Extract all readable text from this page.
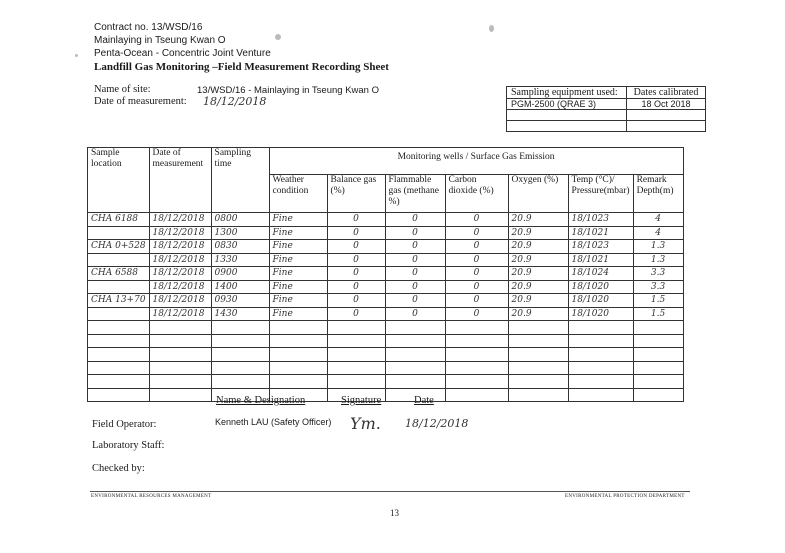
Contract no. 13/WSD/16
Mainlaying in Tseung Kwan O
Penta-Ocean - Concentric Joint Venture
Landfill Gas Monitoring –Field Measurement Recording Sheet
Name of site:	13/WSD/16 - Mainlaying in Tseung Kwan O
Date of measurement: 18/12/2018
Sampling equipment used:	Dates calibrated
PGM-2500 (QRAE 3)	18 Oct 2018

Sample location	Date of measurement	Sampling time	Monitoring wells / Surface Gas Emission						
			Weather condition	Balance gas (%)	Flammable gas (methane %)	Carbon dioxide (%)	Oxygen (%)	Temp (°C)/ Pressure(mbar)	Remark Depth(m)
CHA 6188	18/12/2018	0800	Fine	0	0	0	20.9	18/1023	4
	18/12/2018	1300	Fine	0	0	0	20.9	18/1021	4
CHA 0+528	18/12/2018	0830	Fine	0	0	0	20.9	18/1023	1.3
	18/12/2018	1330	Fine	0	0	0	20.9	18/1021	1.3
CHA 6588	18/12/2018	0900	Fine	0	0	0	20.9	18/1024	3.3
	18/12/2018	1400	Fine	0	0	0	20.9	18/1020	3.3
CHA 13+70	18/12/2018	0930	Fine	0	0	0	20.9	18/1020	1.5
	18/12/2018	1430	Fine	0	0	0	20.9	18/1020	1.5

Name & Designation	Signature	Date
Field Operator:	Kenneth LAU (Safety Officer) Ym. 18/12/2018
Laboratory Staff:
Checked by:
ENVIRONMENTAL RESOURCES MANAGEMENT	ENVIRONMENTAL PROTECTION DEPARTMENT
13
